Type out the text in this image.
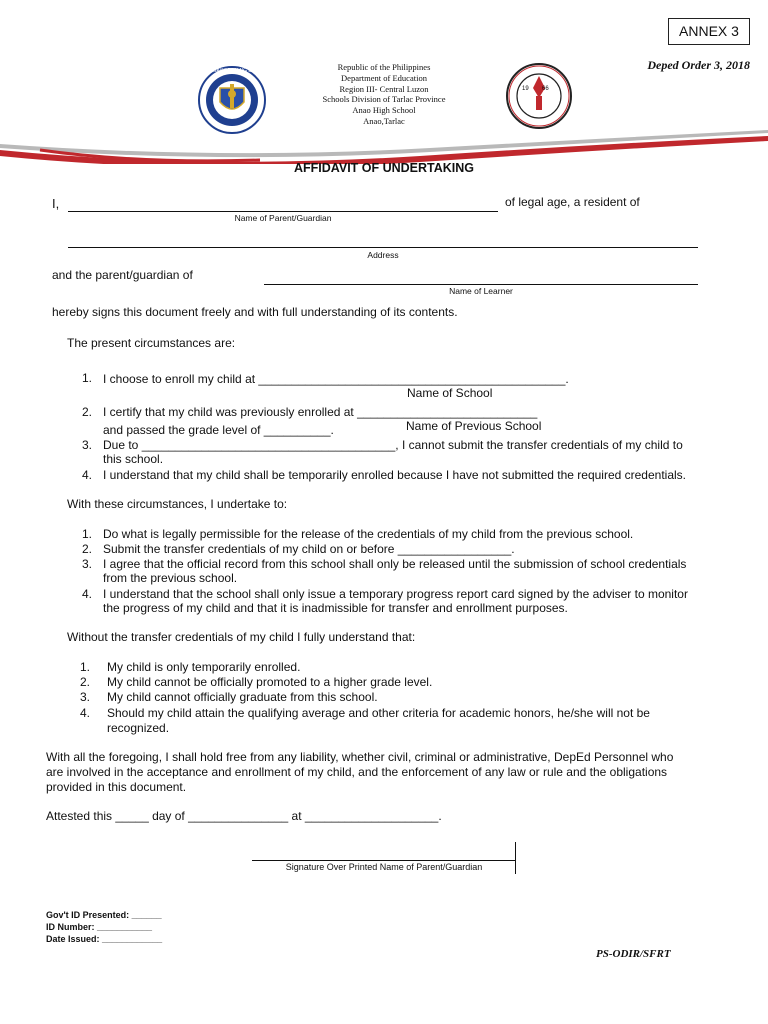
ANNEX 3
Deped Order 3, 2018
KAGAWARAN NG EDUKASYON	Republic of the Philippines
Department of Education
Region III- Central Luzon
Schools Division of Tarlac Province
Anao High School
Anao,Tarlac
19 66
AFFIDAVIT OF UNDERTAKING
I,	of legal age, a resident of
Name of Parent/Guardian
Address
and the parent/guardian of
Name of Learner
hereby signs this document freely and with full understanding of its contents.
The present circumstances are:
1. I choose to enroll my child at ______________________________________________.
Name of School
2. I certify that my child was previously enrolled at ___________________________
Name of Previous School
and passed the grade level of __________.
3. Due to ______________________________________, I cannot submit the transfer credentials of my child to
this school.
4. I understand that my child shall be temporarily enrolled because I have not submitted the required credentials.
With these circumstances, I undertake to:
1. Do what is legally permissible for the release of the credentials of my child from the previous school.
2. Submit the transfer credentials of my child on or before _________________.
3. I agree that the official record from this school shall only be released until the submission of school credentials
from the previous school.
4. I understand that the school shall only issue a temporary progress report card signed by the adviser to monitor
the progress of my child and that it is inadmissible for transfer and enrollment purposes.
Without the transfer credentials of my child I fully understand that:
1. My child is only temporarily enrolled.
2. My child cannot be officially promoted to a higher grade level.
3. My child cannot officially graduate from this school.
4. Should my child attain the qualifying average and other criteria for academic honors, he/she will not be
recognized.
With all the foregoing, I shall hold free from any liability, whether civil, criminal or administrative, DepEd Personnel who
are involved in the acceptance and enrollment of my child, and the enforcement of any law or rule and the obligations
provided in this document.
Attested this _____ day of _______________ at ____________________.
Signature Over Printed Name of Parent/Guardian
Gov't ID Presented: ______
ID Number: ___________
Date Issued: ____________
PS-ODIR/SFRT
